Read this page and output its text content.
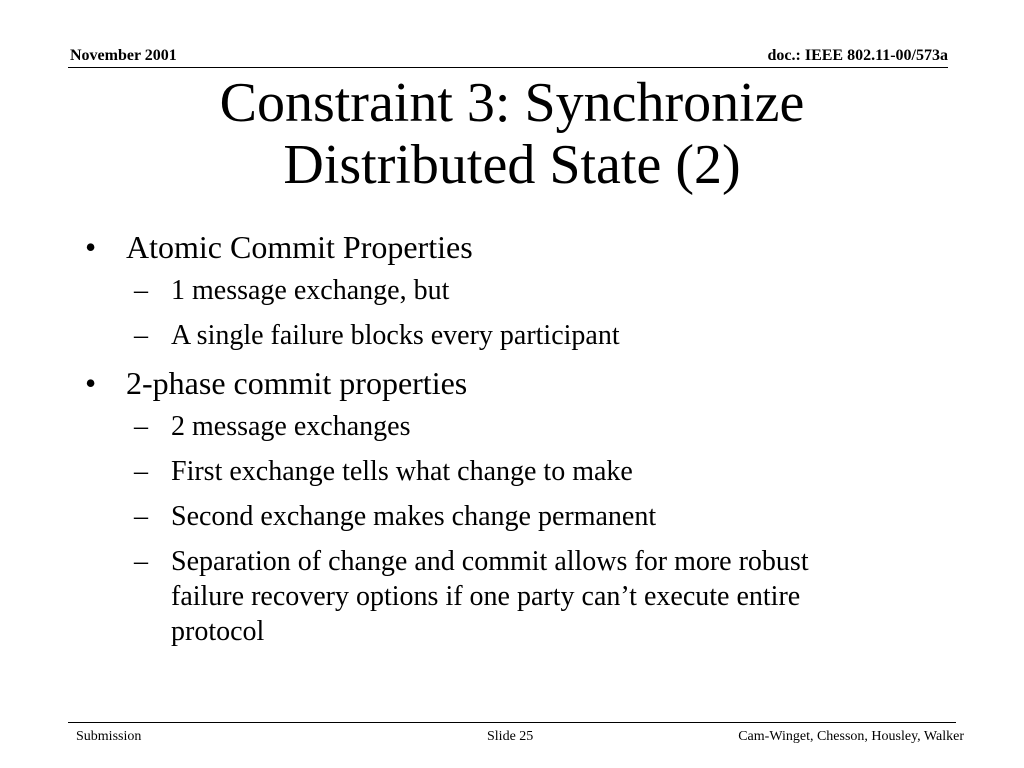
November 2001	doc.: IEEE 802.11-00/573a
Constraint 3: Synchronize
Distributed State (2)
• Atomic Commit Properties
– 1 message exchange, but
– A single failure blocks every participant
• 2-phase commit properties
– 2 message exchanges
– First exchange tells what change to make
– Second exchange makes change permanent
– Separation of change and commit allows for more robust failure recovery options if one party can’t execute entire protocol
Submission	Slide 25	Cam-Winget, Chesson, Housley, Walker
